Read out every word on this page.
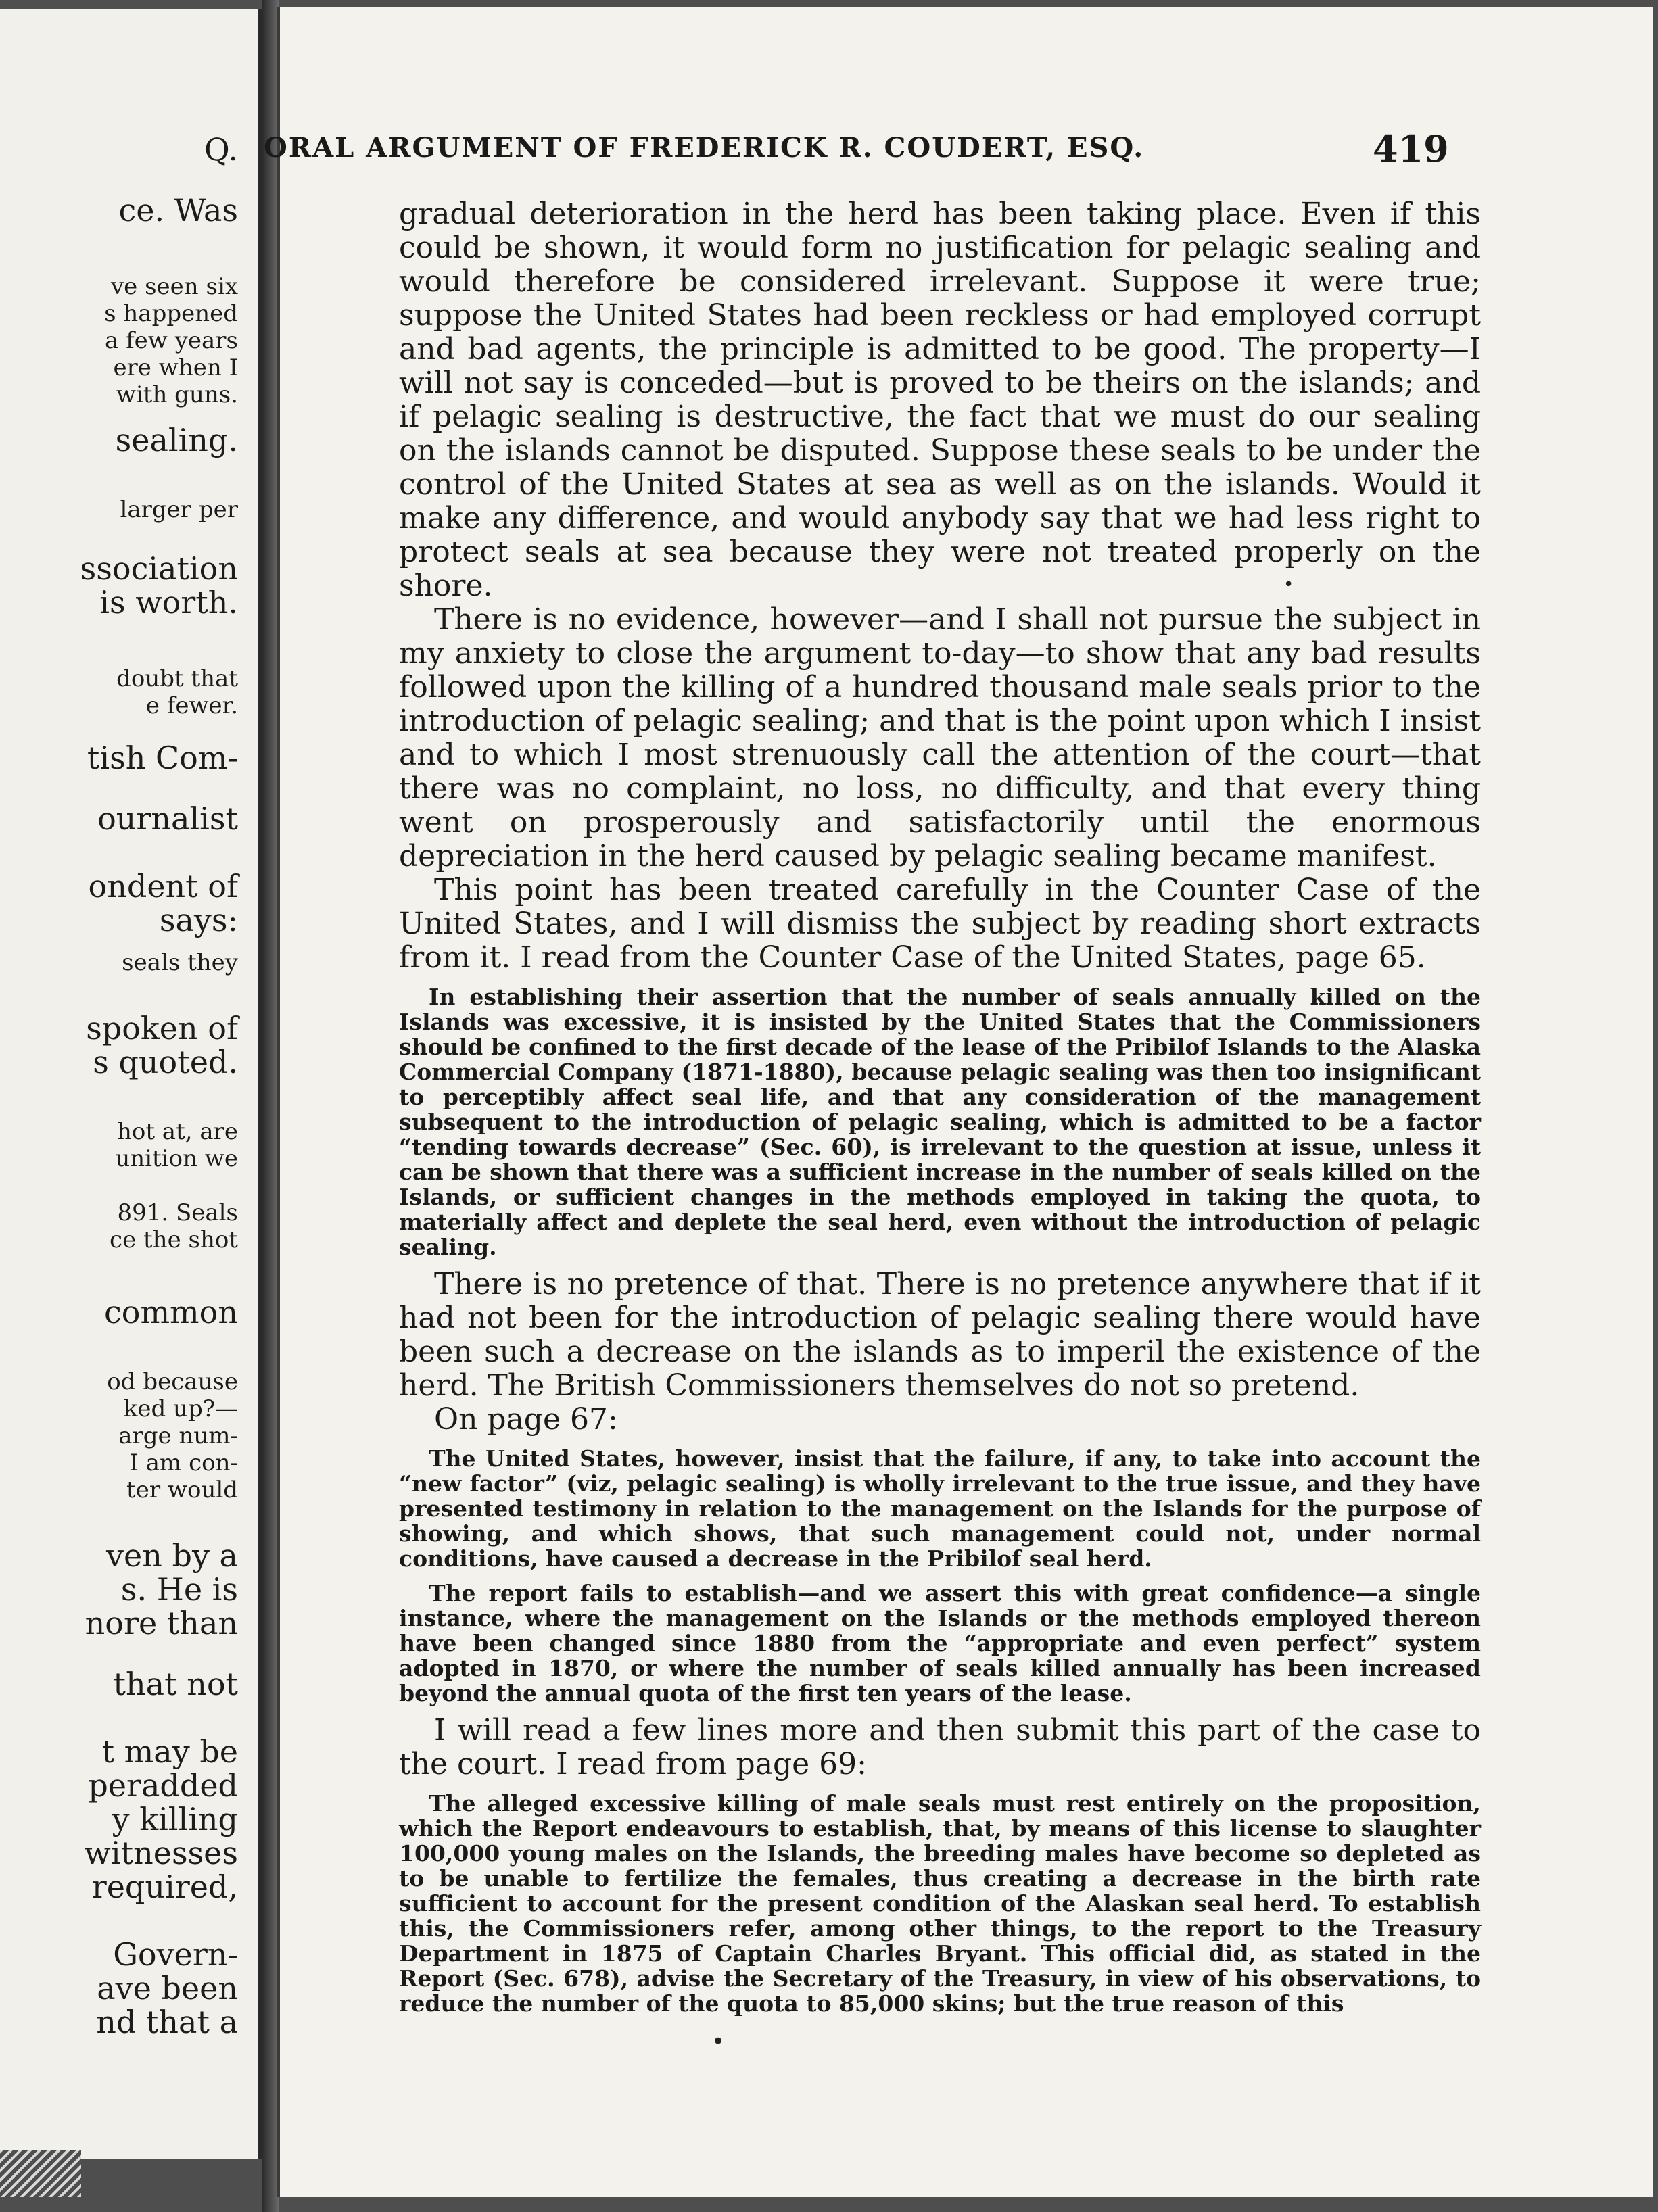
Q.
ce. Was
ve seen six
s happened
a few years
ere when I
with guns.
sealing.
larger per
ssociation
is worth.
doubt that
e fewer.
tish Com-
ournalist
ondent of
says:
seals they
spoken of
s quoted.
hot at, are
unition we
891. Seals
ce the shot
common
od because
ked up?—
arge num-
I am con-
ter would
ven by a
s. He is
nore than
that not
t may be
peradded
y killing
witnesses
required,
Govern-
ave been
nd that a
ORAL ARGUMENT OF FREDERICK R. COUDERT, ESQ.	419

gradual deterioration in the herd has been taking place. Even if this could be shown, it would form no justification for pelagic sealing and would therefore be considered irrelevant. Suppose it were true; suppose the United States had been reckless or had employed corrupt and bad agents, the principle is admitted to be good. The property—I will not say is conceded—but is proved to be theirs on the islands; and if pelagic sealing is destructive, the fact that we must do our sealing on the islands cannot be disputed. Suppose these seals to be under the control of the United States at sea as well as on the islands. Would it make any difference, and would anybody say that we had less right to protect seals at sea because they were not treated properly on the shore.

There is no evidence, however—and I shall not pursue the subject in my anxiety to close the argument to-day—to show that any bad results followed upon the killing of a hundred thousand male seals prior to the introduction of pelagic sealing; and that is the point upon which I insist and to which I most strenuously call the attention of the court—that there was no complaint, no loss, no difficulty, and that every thing went on prosperously and satisfactorily until the enormous depreciation in the herd caused by pelagic sealing became manifest.

This point has been treated carefully in the Counter Case of the United States, and I will dismiss the subject by reading short extracts from it. I read from the Counter Case of the United States, page 65.

In establishing their assertion that the number of seals annually killed on the Islands was excessive, it is insisted by the United States that the Commissioners should be confined to the first decade of the lease of the Pribilof Islands to the Alaska Commercial Company (1871-1880), because pelagic sealing was then too insignificant to perceptibly affect seal life, and that any consideration of the management subsequent to the introduction of pelagic sealing, which is admitted to be a factor “tending towards decrease” (Sec. 60), is irrelevant to the question at issue, unless it can be shown that there was a sufficient increase in the number of seals killed on the Islands, or sufficient changes in the methods employed in taking the quota, to materially affect and deplete the seal herd, even without the introduction of pelagic sealing.

There is no pretence of that. There is no pretence anywhere that if it had not been for the introduction of pelagic sealing there would have been such a decrease on the islands as to imperil the existence of the herd. The British Commissioners themselves do not so pretend.

On page 67:

The United States, however, insist that the failure, if any, to take into account the “new factor” (viz, pelagic sealing) is wholly irrelevant to the true issue, and they have presented testimony in relation to the management on the Islands for the purpose of showing, and which shows, that such management could not, under normal conditions, have caused a decrease in the Pribilof seal herd.

The report fails to establish—and we assert this with great confidence—a single instance, where the management on the Islands or the methods employed thereon have been changed since 1880 from the “appropriate and even perfect” system adopted in 1870, or where the number of seals killed annually has been increased beyond the annual quota of the first ten years of the lease.

I will read a few lines more and then submit this part of the case to the court. I read from page 69:

The alleged excessive killing of male seals must rest entirely on the proposition, which the Report endeavours to establish, that, by means of this license to slaughter 100,000 young males on the Islands, the breeding males have become so depleted as to be unable to fertilize the females, thus creating a decrease in the birth rate sufficient to account for the present condition of the Alaskan seal herd. To establish this, the Commissioners refer, among other things, to the report to the Treasury Department in 1875 of Captain Charles Bryant. This official did, as stated in the Report (Sec. 678), advise the Secretary of the Treasury, in view of his observations, to reduce the number of the quota to 85,000 skins; but the true reason of this

•
•
